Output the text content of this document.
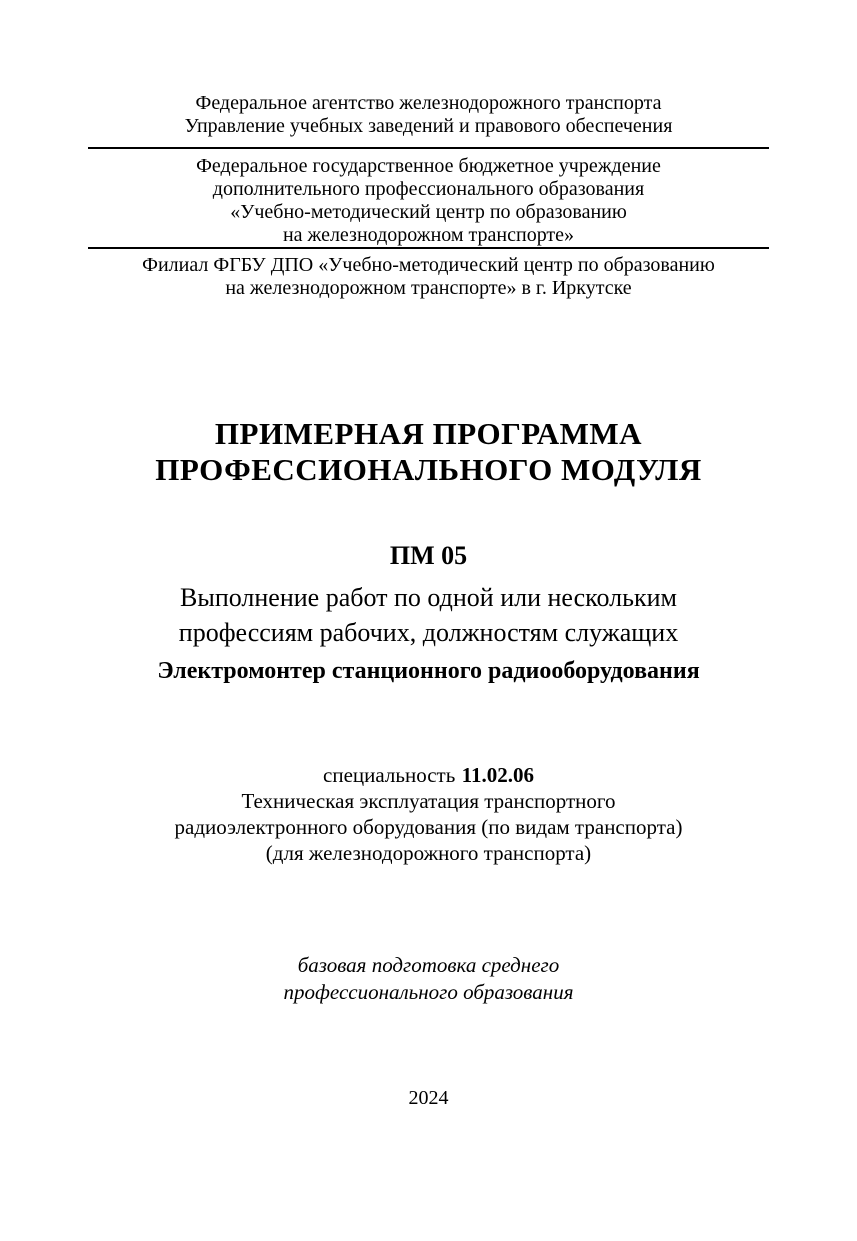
Федеральное агентство железнодорожного транспорта
Управление учебных заведений и правового обеспечения
Федеральное государственное бюджетное учреждение
дополнительного профессионального образования
«Учебно-методический центр по образованию
на железнодорожном транспорте»
Филиал ФГБУ ДПО «Учебно-методический центр по образованию
на железнодорожном транспорте» в г. Иркутске
ПРИМЕРНАЯ ПРОГРАММА
ПРОФЕССИОНАЛЬНОГО МОДУЛЯ
ПМ 05
Выполнение работ по одной или нескольким
профессиям рабочих, должностям служащих
Электромонтер станционного радиооборудования
специальность 11.02.06
Техническая эксплуатация транспортного
радиоэлектронного оборудования (по видам транспорта)
(для железнодорожного транспорта)
базовая подготовка среднего
профессионального образования
2024
